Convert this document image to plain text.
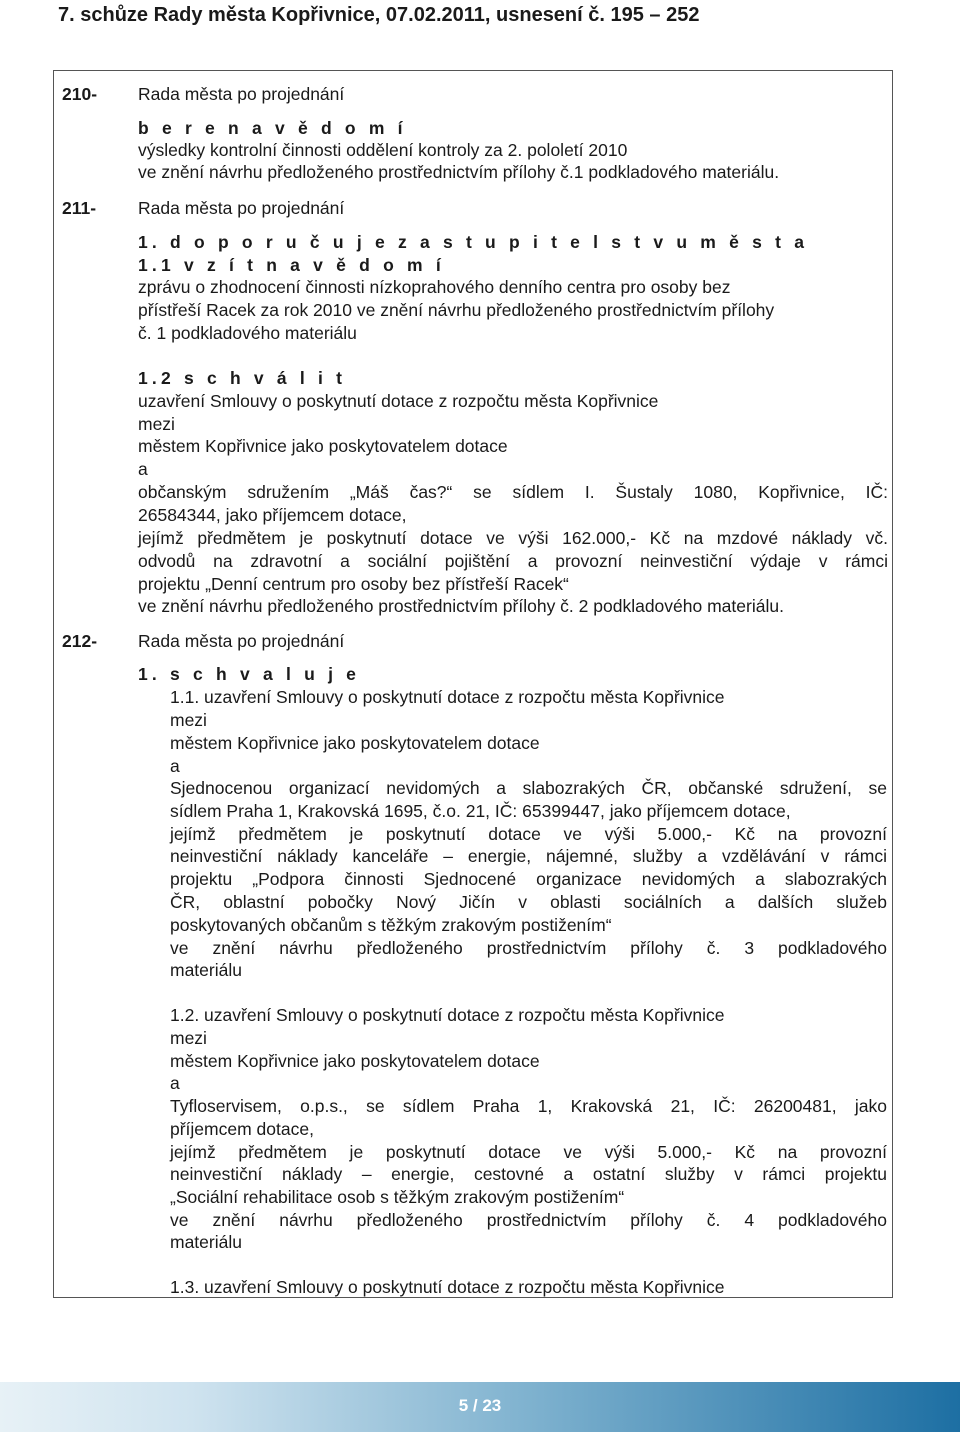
7. schůze Rady města Kopřivnice, 07.02.2011, usnesení č. 195 – 252
210- Rada města po projednání
b e r e n a v ě d o m í
výsledky kontrolní činnosti oddělení kontroly za 2. pololetí 2010
ve znění návrhu předloženého prostřednictvím přílohy č.1 podkladového materiálu.
211- Rada města po projednání
1. d o p o r u č u j e z a s t u p i t e l s t v u m ě s t a
1.1 v z í t n a v ě d o m í
zprávu o zhodnocení činnosti nízkoprahového denního centra pro osoby bez
přístřeší Racek za rok 2010 ve znění návrhu předloženého prostřednictvím přílohy
č. 1 podkladového materiálu
1.2 s c h v á l i t
uzavření Smlouvy o poskytnutí dotace z rozpočtu města Kopřivnice
mezi
městem Kopřivnice jako poskytovatelem dotace
a
občanským sdružením „Máš čas?“ se sídlem I. Šustaly 1080, Kopřivnice, IČ:
26584344, jako příjemcem dotace,
jejímž předmětem je poskytnutí dotace ve výši 162.000,- Kč na mzdové náklady vč.
odvodů na zdravotní a sociální pojištění a provozní neinvestiční výdaje v rámci
projektu „Denní centrum pro osoby bez přístřeší Racek“
ve znění návrhu předloženého prostřednictvím přílohy č. 2 podkladového materiálu.
212- Rada města po projednání
1. s c h v a l u j e
1.1. uzavření Smlouvy o poskytnutí dotace z rozpočtu města Kopřivnice
mezi
městem Kopřivnice jako poskytovatelem dotace
a
Sjednocenou organizací nevidomých a slabozrakých ČR, občanské sdružení, se
sídlem Praha 1, Krakovská 1695, č.o. 21, IČ: 65399447, jako příjemcem dotace,
jejímž předmětem je poskytnutí dotace ve výši 5.000,- Kč na provozní
neinvestiční náklady kanceláře – energie, nájemné, služby a vzdělávání v rámci
projektu „Podpora činnosti Sjednocené organizace nevidomých a slabozrakých
ČR, oblastní pobočky Nový Jičín v oblasti sociálních a dalších služeb
poskytovaných občanům s těžkým zrakovým postižením“
ve znění návrhu předloženého prostřednictvím přílohy č. 3 podkladového
materiálu
1.2. uzavření Smlouvy o poskytnutí dotace z rozpočtu města Kopřivnice
mezi
městem Kopřivnice jako poskytovatelem dotace
a
Tyfloservisem, o.p.s., se sídlem Praha 1, Krakovská 21, IČ: 26200481, jako
příjemcem dotace,
jejímž předmětem je poskytnutí dotace ve výši 5.000,- Kč na provozní
neinvestiční náklady – energie, cestovné a ostatní služby v rámci projektu
„Sociální rehabilitace osob s těžkým zrakovým postižením“
ve znění návrhu předloženého prostřednictvím přílohy č. 4 podkladového
materiálu
1.3. uzavření Smlouvy o poskytnutí dotace z rozpočtu města Kopřivnice
5 / 23
